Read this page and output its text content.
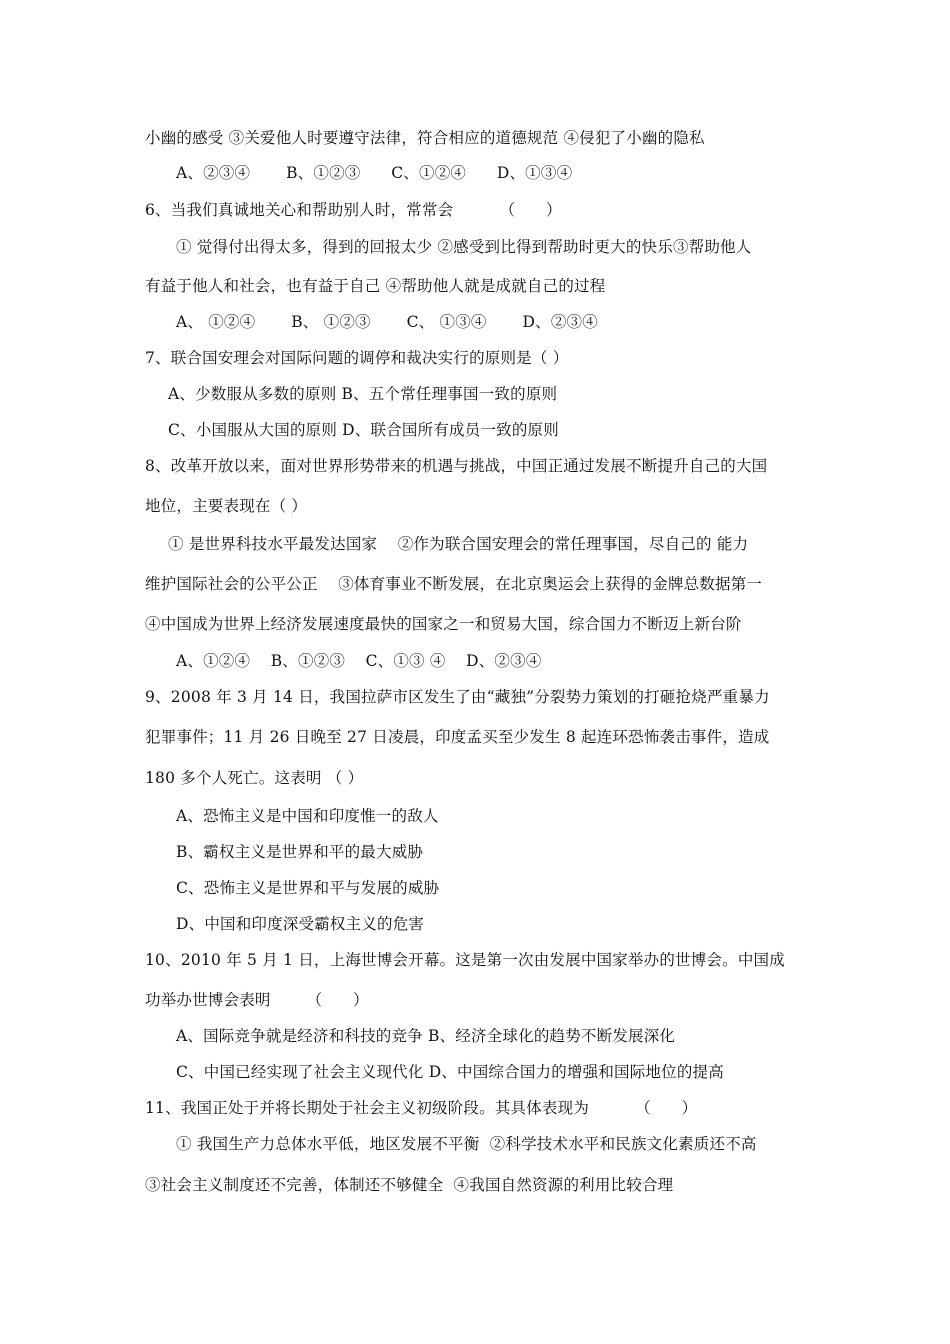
小幽的感受 ③关爱他人时要遵守法律，符合相应的道德规范 ④侵犯了小幽的隐私
A、②③④       B、①②③      C、①②④      D、①③④
6、当我们真诚地关心和帮助别人时，常常会         （      ）
① 觉得付出得太多，得到的回报太少 ②感受到比得到帮助时更大的快乐③帮助他人
有益于他人和社会，也有益于自己 ④帮助他人就是成就自己的过程
A、 ①②④       B、 ①②③       C、 ①③④       D、②③④
7、联合国安理会对国际问题的调停和裁决实行的原则是（ ）
A、少数服从多数的原则 B、五个常任理事国一致的原则
C、小国服从大国的原则 D、联合国所有成员一致的原则
8、改革开放以来，面对世界形势带来的机遇与挑战，中国正通过发展不断提升自己的大国
地位，主要表现在（ ）
① 是世界科技水平最发达国家    ②作为联合国安理会的常任理事国，尽自己的 能力
维护国际社会的公平公正    ③体育事业不断发展，在北京奥运会上获得的金牌总数据第一
④中国成为世界上经济发展速度最快的国家之一和贸易大国，综合国力不断迈上新台阶
A、①②④    B、①②③    C、①③ ④    D、②③④
9、2008 年 3 月 14 日，我国拉萨市区发生了由“藏独”分裂势力策划的打砸抢烧严重暴力
犯罪事件；11 月 26 日晚至 27 日凌晨，印度孟买至少发生 8 起连环恐怖袭击事件，造成
180 多个人死亡。这表明 （ ）
A、恐怖主义是中国和印度惟一的敌人
B、霸权主义是世界和平的最大威胁
C、恐怖主义是世界和平与发展的威胁
D、中国和印度深受霸权主义的危害
10、2010 年 5 月 1 日，上海世博会开幕。这是第一次由发展中国家举办的世博会。中国成
功举办世博会表明       （      ）
A、国际竞争就是经济和科技的竞争 B、经济全球化的趋势不断发展深化
C、中国已经实现了社会主义现代化 D、中国综合国力的增强和国际地位的提高
11、我国正处于并将长期处于社会主义初级阶段。其具体表现为         （      ）
① 我国生产力总体水平低，地区发展不平衡  ②科学技术水平和民族文化素质还不高
③社会主义制度还不完善，体制还不够健全  ④我国自然资源的利用比较合理
